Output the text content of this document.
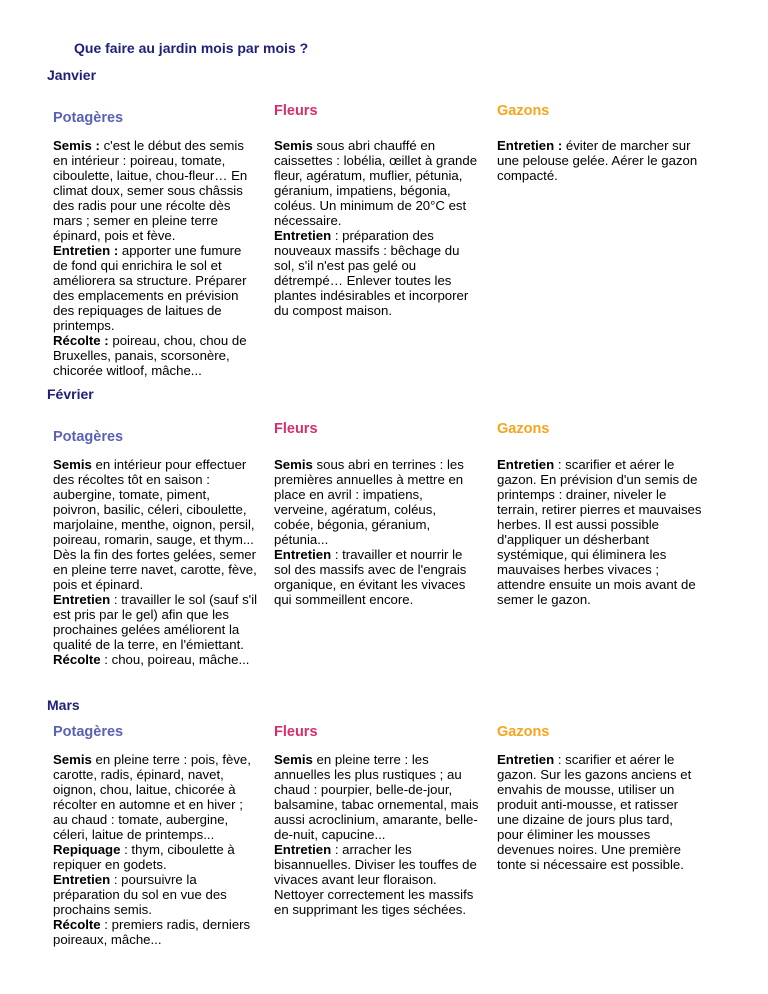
Que faire au jardin mois par mois ?
Janvier
Potagères

Semis : c'est le début des semis en intérieur : poireau, tomate, ciboulette, laitue, chou-fleur… En climat doux, semer sous châssis des radis pour une récolte dès mars ; semer en pleine terre épinard, pois et fève.

Entretien : apporter une fumure de fond qui enrichira le sol et améliorera sa structure. Préparer des emplacements en prévision des repiquages de laitues de printemps.

Récolte : poireau, chou, chou de Bruxelles, panais, scorsonère, chicorée witloof, mâche...

Fleurs

Semis sous abri chauffé en caissettes : lobélia, œillet à grande fleur, agératum, muflier, pétunia, géranium, impatiens, bégonia, coléus. Un minimum de 20°C est nécessaire.

Entretien : préparation des nouveaux massifs : bêchage du sol, s'il n'est pas gelé ou détrempé… Enlever toutes les plantes indésirables et incorporer du compost maison.

Gazons

Entretien : éviter de marcher sur une pelouse gelée. Aérer le gazon compacté.

Février
Potagères

Semis en intérieur pour effectuer des récoltes tôt en saison : aubergine, tomate, piment, poivron, basilic, céleri, ciboulette, marjolaine, menthe, oignon, persil, poireau, romarin, sauge, et thym... Dès la fin des fortes gelées, semer en pleine terre navet, carotte, fève, pois et épinard.

Entretien : travailler le sol (sauf s'il est pris par le gel) afin que les prochaines gelées améliorent la qualité de la terre, en l'émiettant.

Récolte : chou, poireau, mâche...

Fleurs

Semis sous abri en terrines : les premières annuelles à mettre en place en avril : impatiens, verveine, agératum, coléus, cobée, bégonia, géranium, pétunia...

Entretien : travailler et nourrir le sol des massifs avec de l'engrais organique, en évitant les vivaces qui sommeillent encore.

Gazons

Entretien : scarifier et aérer le gazon. En prévision d'un semis de printemps : drainer, niveler le terrain, retirer pierres et mauvaises herbes. Il est aussi possible d'appliquer un désherbant systémique, qui éliminera les mauvaises herbes vivaces ; attendre ensuite un mois avant de semer le gazon.

Mars
Potagères

Semis en pleine terre : pois, fève, carotte, radis, épinard, navet, oignon, chou, laitue, chicorée à récolter en automne et en hiver ; au chaud : tomate, aubergine, céleri, laitue de printemps...

Repiquage : thym, ciboulette à repiquer en godets.

Entretien : poursuivre la préparation du sol en vue des prochains semis.

Récolte : premiers radis, derniers poireaux, mâche...

Fleurs

Semis en pleine terre : les annuelles les plus rustiques ; au chaud : pourpier, belle-de-jour, balsamine, tabac ornemental, mais aussi acroclinium, amarante, belle-de-nuit, capucine...

Entretien : arracher les bisannuelles. Diviser les touffes de vivaces avant leur floraison. Nettoyer correctement les massifs en supprimant les tiges séchées.

Gazons

Entretien : scarifier et aérer le gazon. Sur les gazons anciens et envahis de mousse, utiliser un produit anti-mousse, et ratisser une dizaine de jours plus tard, pour éliminer les mousses devenues noires. Une première tonte si nécessaire est possible.
